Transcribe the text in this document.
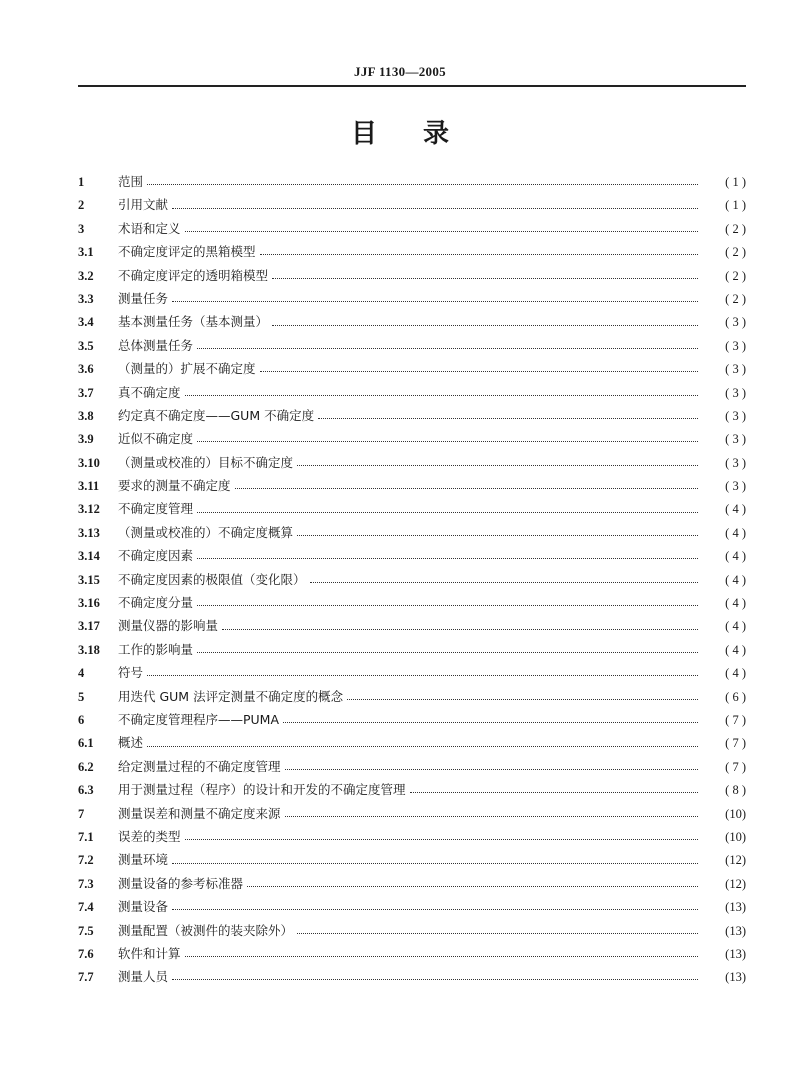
JJF 1130—2005
目录
1	范围	( 1 )
2	引用文献	( 1 )
3	术语和定义	( 2 )
3.1	不确定度评定的黑箱模型	( 2 )
3.2	不确定度评定的透明箱模型	( 2 )
3.3	测量任务	( 2 )
3.4	基本测量任务（基本测量）	( 3 )
3.5	总体测量任务	( 3 )
3.6	（测量的）扩展不确定度	( 3 )
3.7	真不确定度	( 3 )
3.8	约定真不确定度——GUM 不确定度	( 3 )
3.9	近似不确定度	( 3 )
3.10	（测量或校准的）目标不确定度	( 3 )
3.11	要求的测量不确定度	( 3 )
3.12	不确定度管理	( 4 )
3.13	（测量或校准的）不确定度概算	( 4 )
3.14	不确定度因素	( 4 )
3.15	不确定度因素的极限值（变化限）	( 4 )
3.16	不确定度分量	( 4 )
3.17	测量仪器的影响量	( 4 )
3.18	工作的影响量	( 4 )
4	符号	( 4 )
5	用迭代 GUM 法评定测量不确定度的概念	( 6 )
6	不确定度管理程序——PUMA	( 7 )
6.1	概述	( 7 )
6.2	给定测量过程的不确定度管理	( 7 )
6.3	用于测量过程（程序）的设计和开发的不确定度管理	( 8 )
7	测量误差和测量不确定度来源	(10)
7.1	误差的类型	(10)
7.2	测量环境	(12)
7.3	测量设备的参考标准器	(12)
7.4	测量设备	(13)
7.5	测量配置（被测件的装夹除外）	(13)
7.6	软件和计算	(13)
7.7	测量人员	(13)
